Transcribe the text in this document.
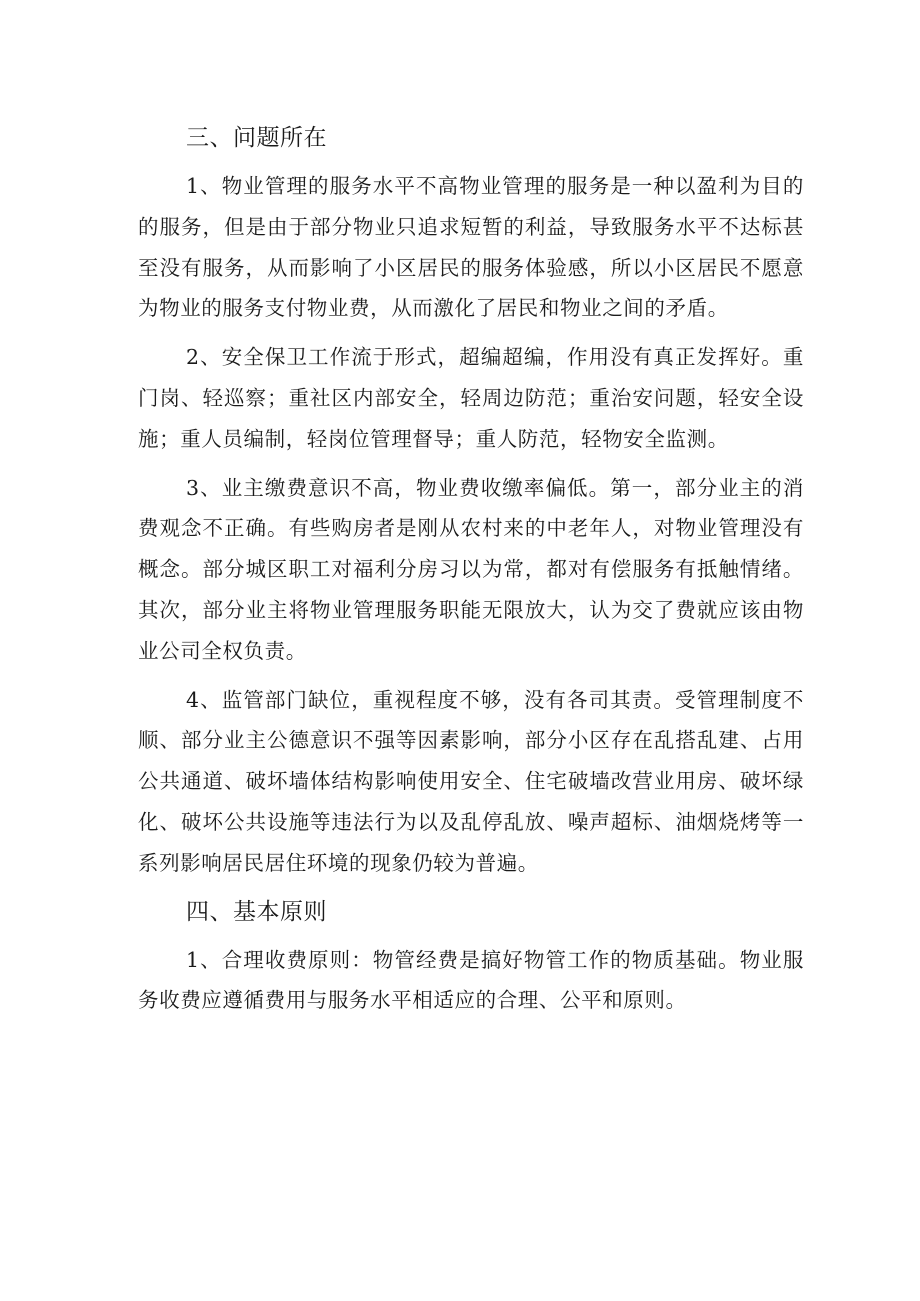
三、问题所在

1、物业管理的服务水平不高物业管理的服务是一种以盈利为目的的服务，但是由于部分物业只追求短暂的利益，导致服务水平不达标甚至没有服务，从而影响了小区居民的服务体验感，所以小区居民不愿意为物业的服务支付物业费，从而激化了居民和物业之间的矛盾。

2、安全保卫工作流于形式，超编超编，作用没有真正发挥好。重门岗、轻巡察；重社区内部安全，轻周边防范；重治安问题，轻安全设施；重人员编制，轻岗位管理督导；重人防范，轻物安全监测。

3、业主缴费意识不高，物业费收缴率偏低。第一，部分业主的消费观念不正确。有些购房者是刚从农村来的中老年人，对物业管理没有概念。部分城区职工对福利分房习以为常，都对有偿服务有抵触情绪。其次，部分业主将物业管理服务职能无限放大，认为交了费就应该由物业公司全权负责。

4、监管部门缺位，重视程度不够，没有各司其责。受管理制度不顺、部分业主公德意识不强等因素影响，部分小区存在乱搭乱建、占用公共通道、破坏墙体结构影响使用安全、住宅破墙改营业用房、破坏绿化、破坏公共设施等违法行为以及乱停乱放、噪声超标、油烟烧烤等一系列影响居民居住环境的现象仍较为普遍。

四、基本原则

1、合理收费原则：物管经费是搞好物管工作的物质基础。物业服务收费应遵循费用与服务水平相适应的合理、公平和原则。
